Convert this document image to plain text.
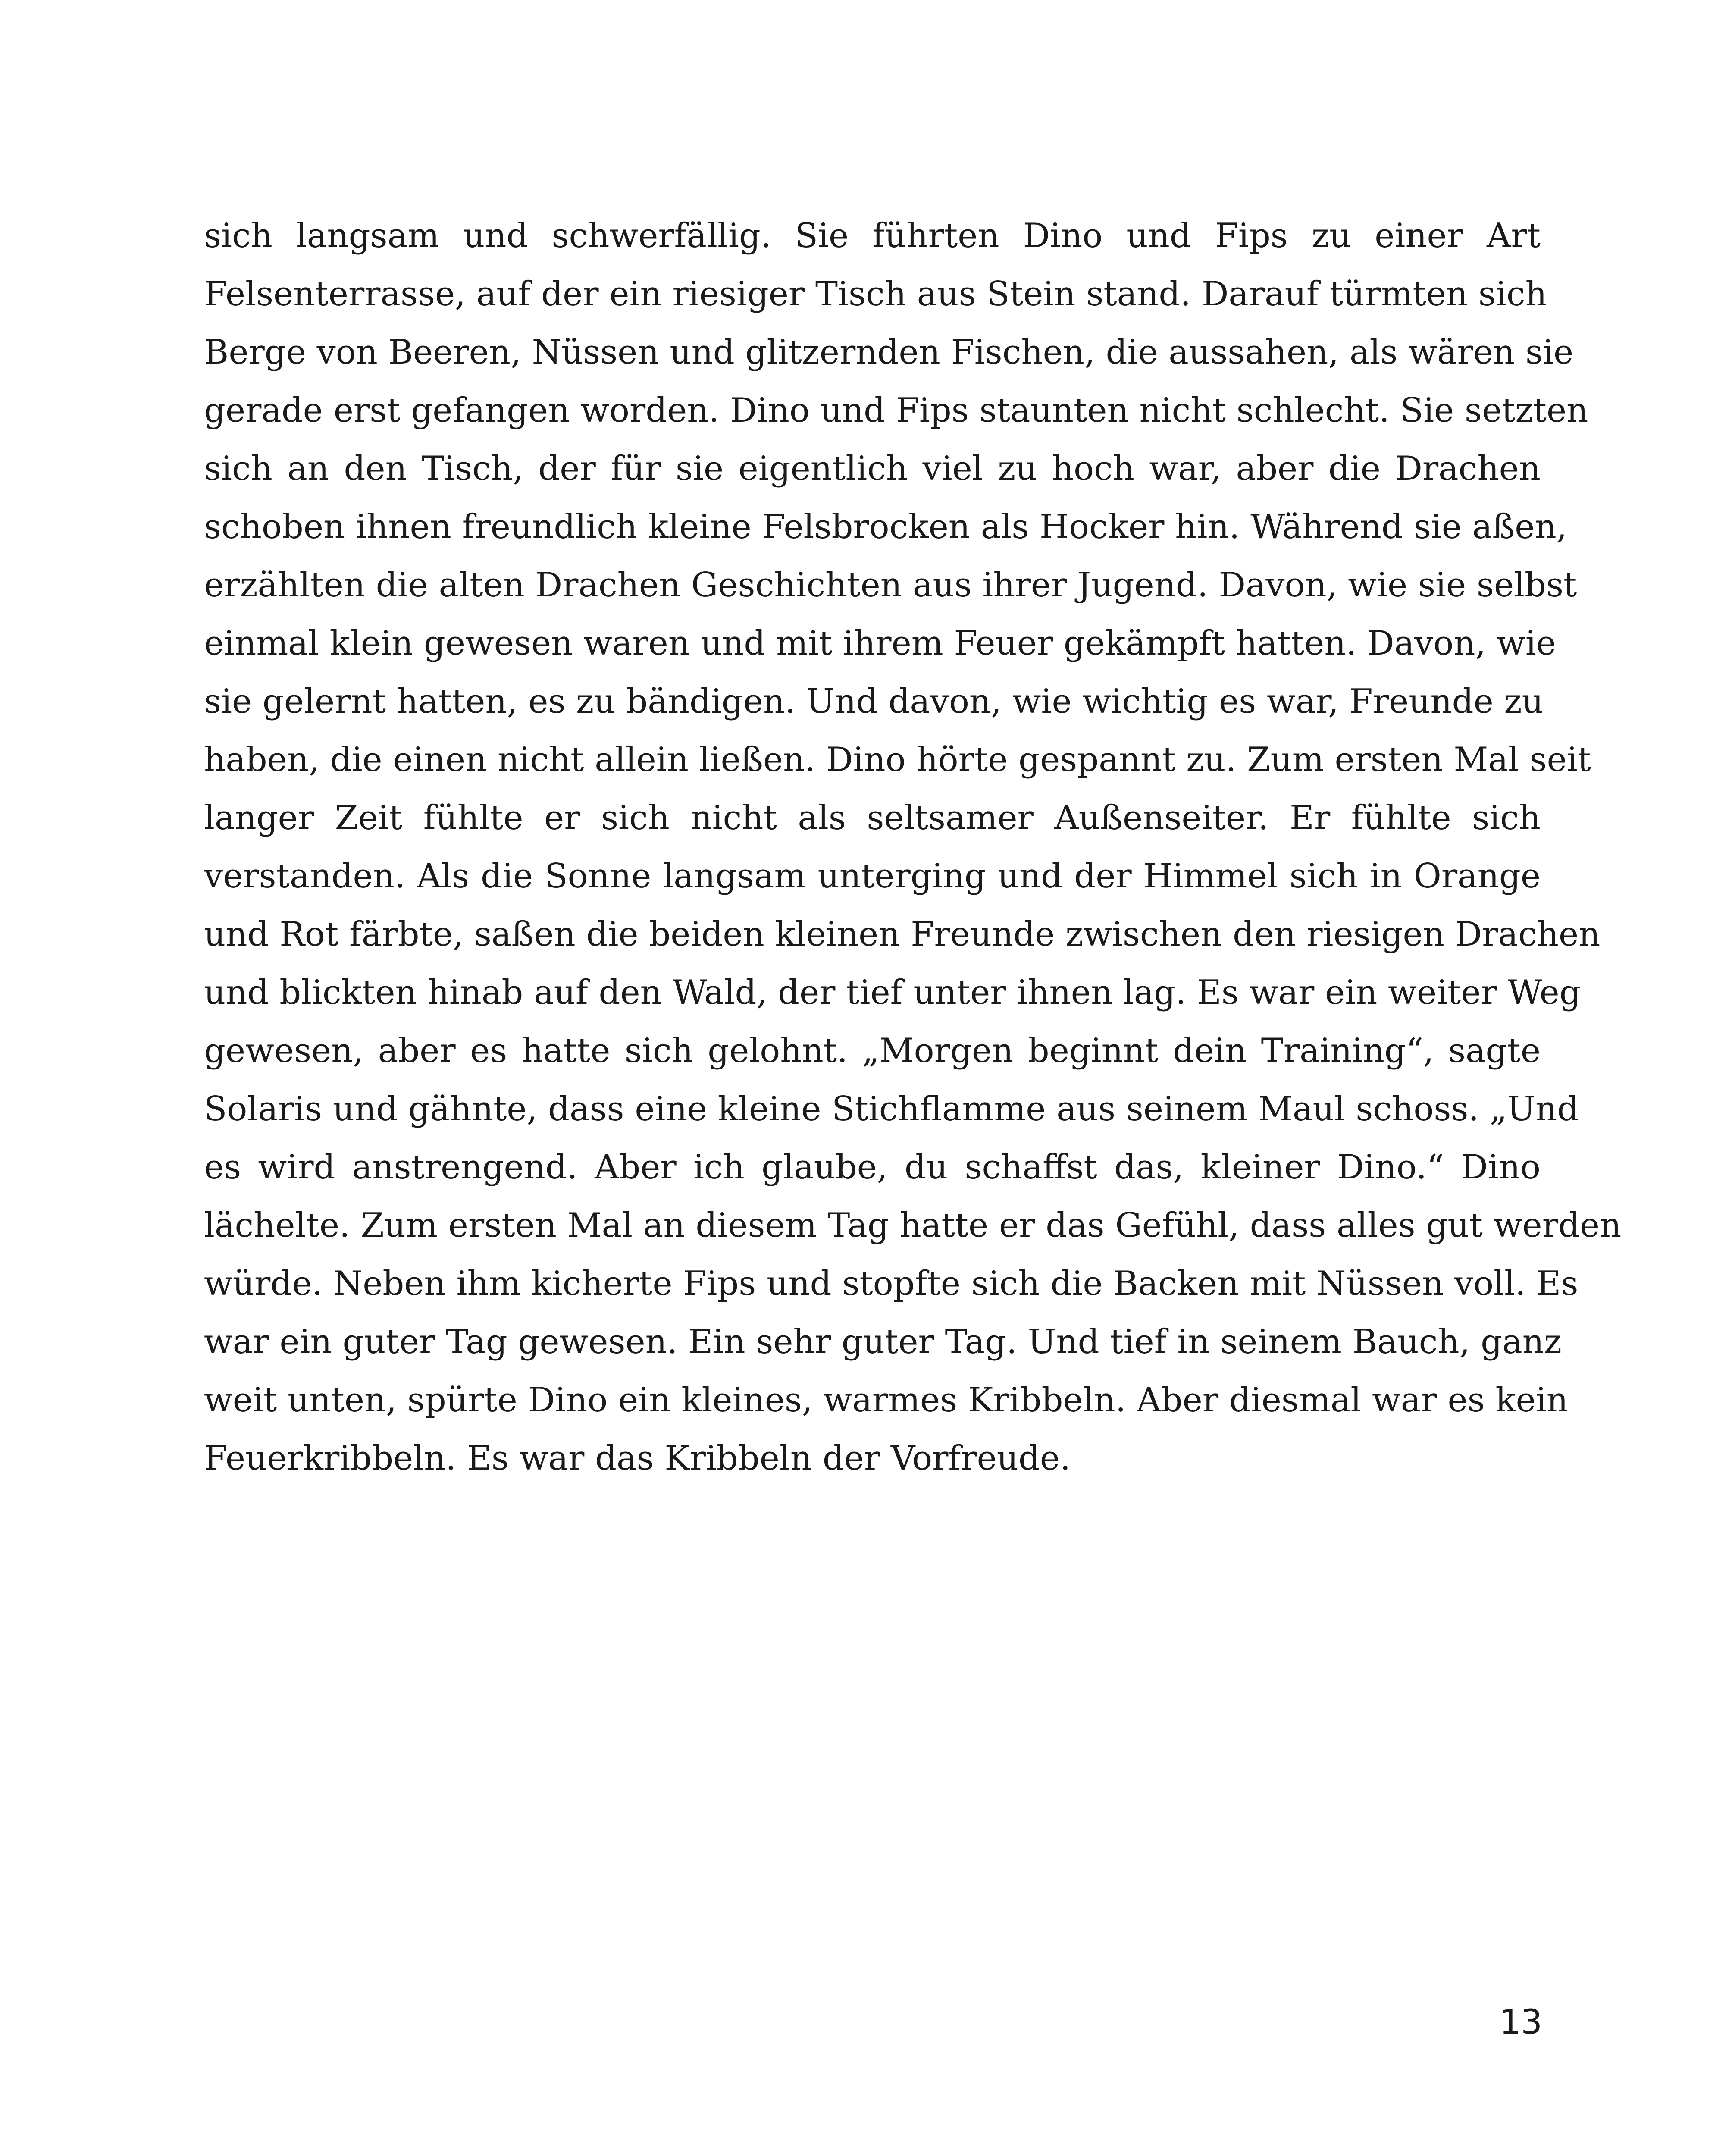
sich langsam und schwerfällig. Sie führten Dino und Fips zu einer Art
Felsenterrasse, auf der ein riesiger Tisch aus Stein stand. Darauf türmten sich
Berge von Beeren, Nüssen und glitzernden Fischen, die aussahen, als wären sie
gerade erst gefangen worden. Dino und Fips staunten nicht schlecht. Sie setzten
sich an den Tisch, der für sie eigentlich viel zu hoch war, aber die Drachen
schoben ihnen freundlich kleine Felsbrocken als Hocker hin. Während sie aßen,
erzählten die alten Drachen Geschichten aus ihrer Jugend. Davon, wie sie selbst
einmal klein gewesen waren und mit ihrem Feuer gekämpft hatten. Davon, wie
sie gelernt hatten, es zu bändigen. Und davon, wie wichtig es war, Freunde zu
haben, die einen nicht allein ließen. Dino hörte gespannt zu. Zum ersten Mal seit
langer Zeit fühlte er sich nicht als seltsamer Außenseiter. Er fühlte sich
verstanden. Als die Sonne langsam unterging und der Himmel sich in Orange
und Rot färbte, saßen die beiden kleinen Freunde zwischen den riesigen Drachen
und blickten hinab auf den Wald, der tief unter ihnen lag. Es war ein weiter Weg
gewesen, aber es hatte sich gelohnt. „Morgen beginnt dein Training“, sagte
Solaris und gähnte, dass eine kleine Stichflamme aus seinem Maul schoss. „Und
es wird anstrengend. Aber ich glaube, du schaffst das, kleiner Dino.“ Dino
lächelte. Zum ersten Mal an diesem Tag hatte er das Gefühl, dass alles gut werden
würde. Neben ihm kicherte Fips und stopfte sich die Backen mit Nüssen voll. Es
war ein guter Tag gewesen. Ein sehr guter Tag. Und tief in seinem Bauch, ganz
weit unten, spürte Dino ein kleines, warmes Kribbeln. Aber diesmal war es kein
Feuerkribbeln. Es war das Kribbeln der Vorfreude.
13
